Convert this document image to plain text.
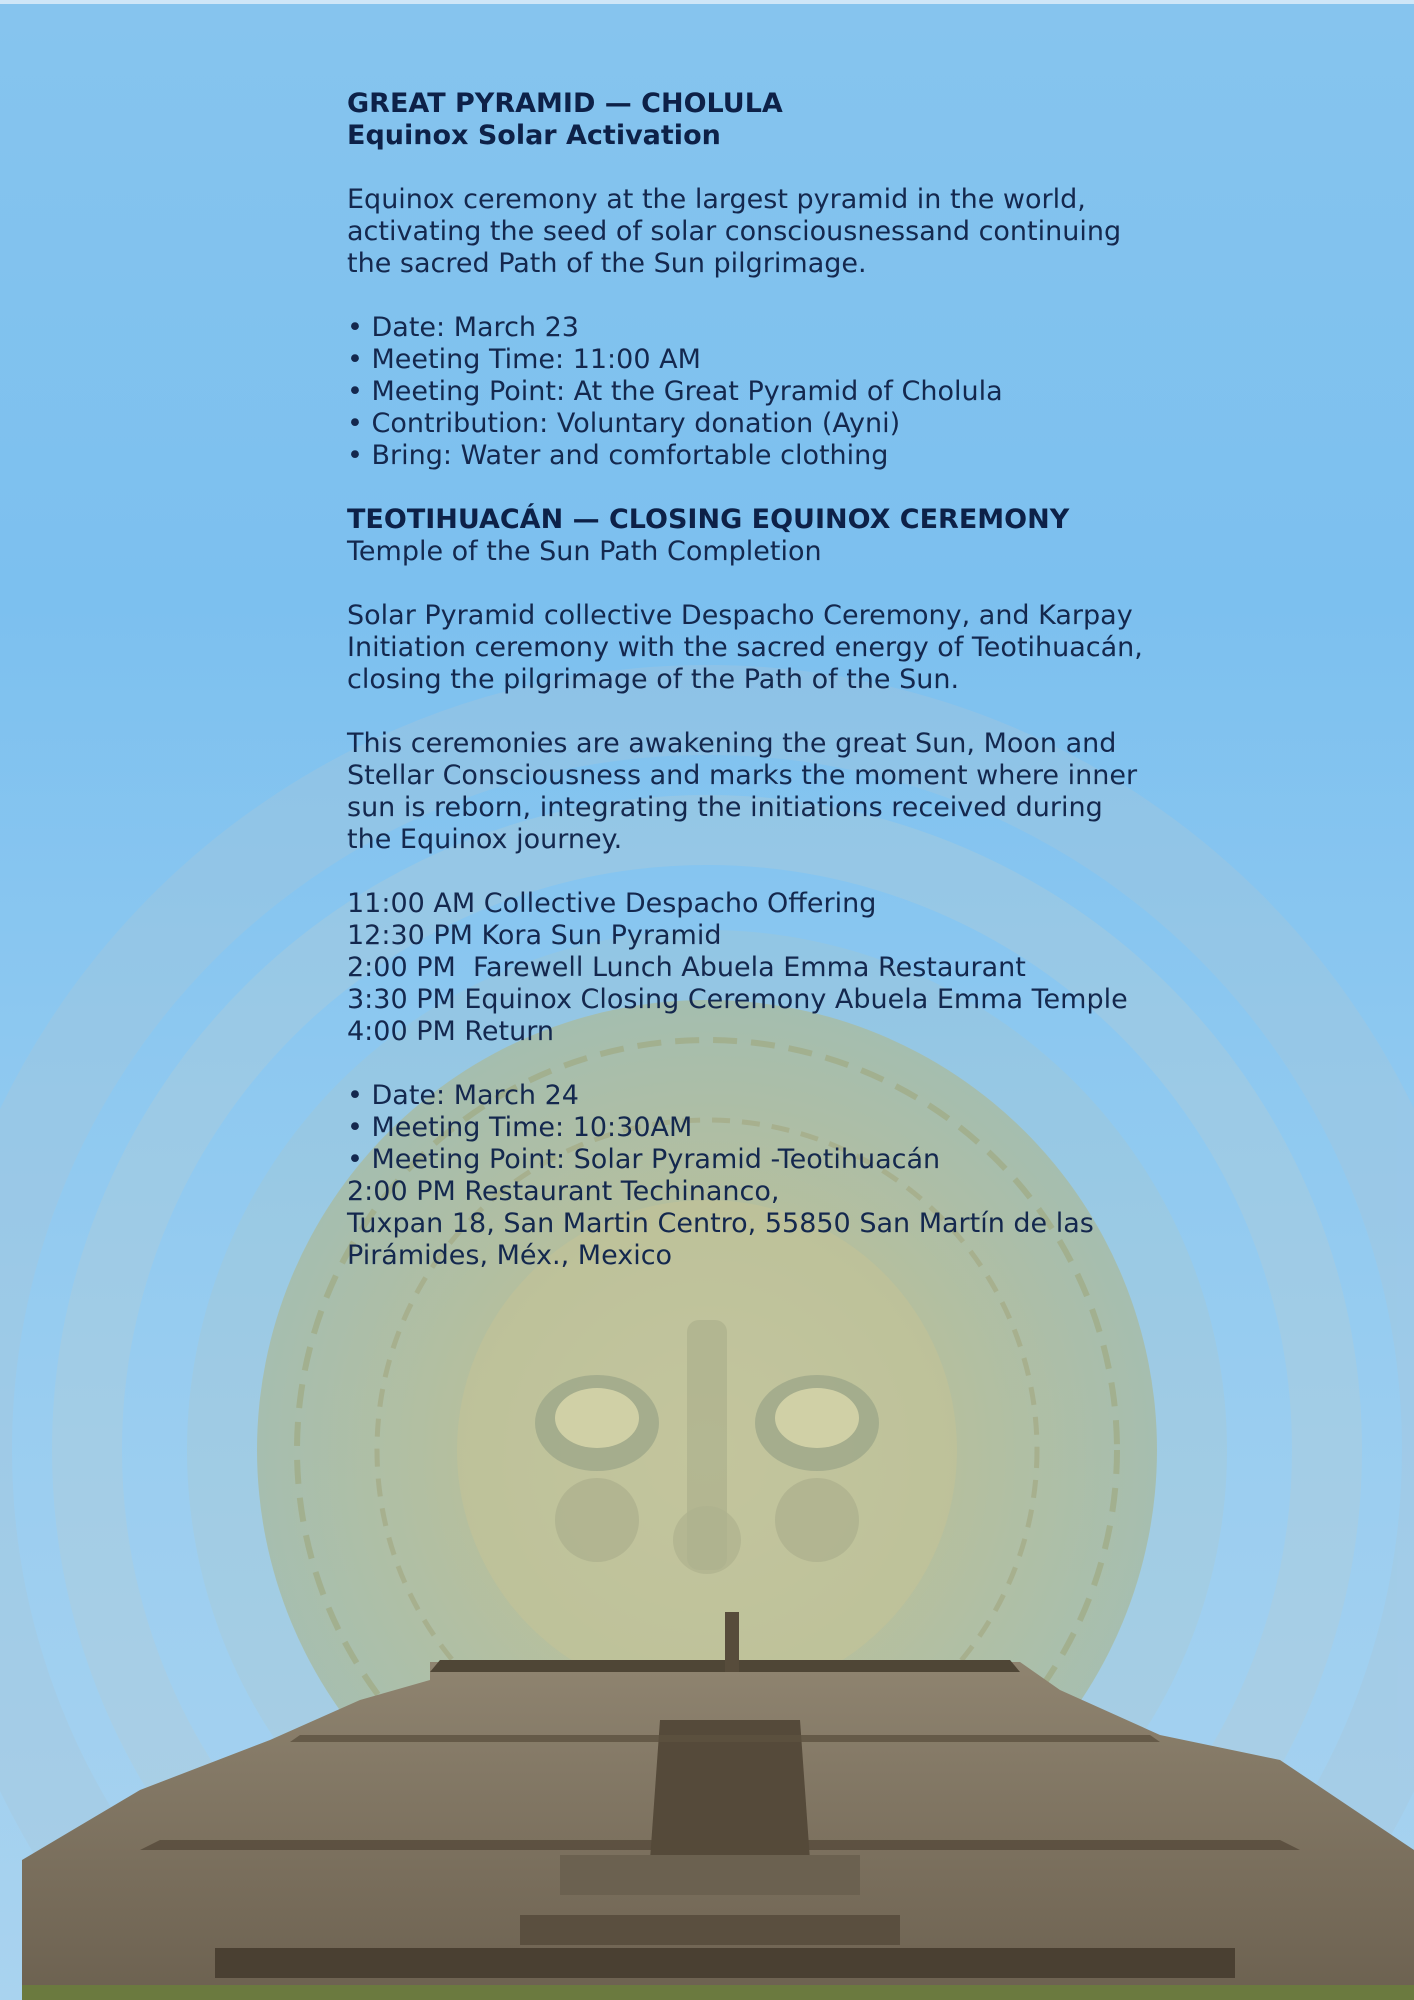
GREAT PYRAMID — CHOLULA
Equinox Solar Activation
Equinox ceremony at the largest pyramid in the world,
activating the seed of solar consciousnessand continuing
the sacred Path of the Sun pilgrimage.
• Date: March 23
• Meeting Time: 11:00 AM
• Meeting Point: At the Great Pyramid of Cholula
• Contribution: Voluntary donation (Ayni)
• Bring: Water and comfortable clothing
TEOTIHUACÁN — CLOSING EQUINOX CEREMONY
Temple of the Sun Path Completion
Solar Pyramid collective Despacho Ceremony, and Karpay
Initiation ceremony with the sacred energy of Teotihuacán,
closing the pilgrimage of the Path of the Sun.
This ceremonies are awakening the great Sun, Moon and
Stellar Consciousness and marks the moment where inner
sun is reborn, integrating the initiations received during
the Equinox journey.
11:00 AM Collective Despacho Offering
12:30 PM Kora Sun Pyramid
2:00 PM  Farewell Lunch Abuela Emma Restaurant
3:30 PM Equinox Closing Ceremony Abuela Emma Temple
4:00 PM Return
• Date: March 24
• Meeting Time: 10:30AM
• Meeting Point: Solar Pyramid -Teotihuacán
2:00 PM Restaurant Techinanco,
Tuxpan 18, San Martin Centro, 55850 San Martín de las
Pirámides, Méx., Mexico
